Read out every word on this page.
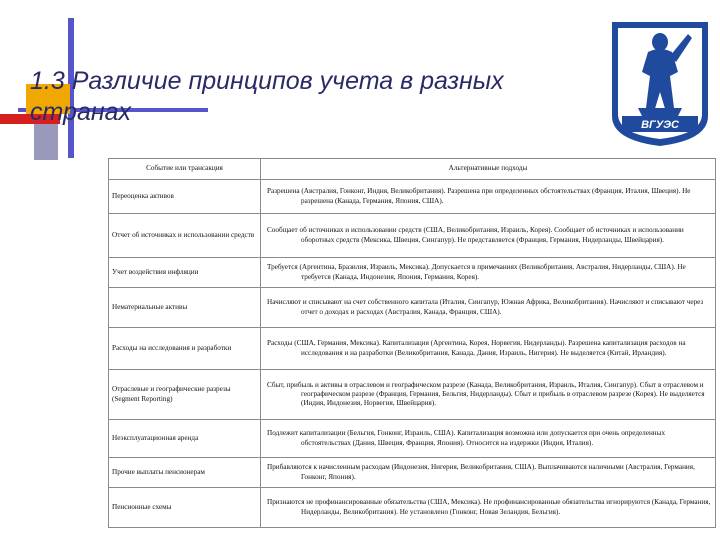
1.3 Различие принципов учета в разных странах	ВГУЭС
Событие или трансакция	Альтернативные подходы
Переоценка активов	Разрешена (Австралия, Гонконг, Индия, Великобритания). Разрешена при определенных обстоятельствах (Франция, Италия, Швеция). Не разрешена (Канада, Германия, Япония, США).
Отчет об источниках и использовании средств	Сообщает об источниках и использовании средств (США, Великобритания, Израиль, Корея). Сообщает об источниках и использовании оборотных средств (Мексика, Швеция, Сингапур). Не представляется (Франция, Германия, Нидерланды, Швейцария).
Учет воздействия инфляции	Требуется (Аргентина, Бразилия, Израиль, Мексика). Допускается в примечаниях (Великобритания, Австралия, Нидерланды, США). Не требуется (Канада, Индонезия, Япония, Германия, Корея).
Нематериальные активы	Начисляют и списывают на счет собственного капитала (Италия, Сингапур, Южная Африка, Великобритания). Начисляют и списывают через отчет о доходах и расходах (Австралия, Канада, Франция, США).
Расходы на исследования и разработки	Расходы (США, Германия, Мексика). Капитализация (Аргентина, Корея, Норвегия, Нидерланды). Разрешена капитализация расходов на исследования и на разработки (Великобритания, Канада, Дания, Израиль, Нигерия). Не выделяется (Китай, Ирландия).
Отраслевые и географические разрезы (Segment Reporting)	Сбыт, прибыль и активы в отраслевом и географическом разрезе (Канада, Великобритания, Израиль, Италия, Сингапур). Сбыт в отраслевом и географическом разрезе (Франция, Германия, Бельгия, Нидерланды). Сбыт и прибыль в отраслевом разрезе (Корея). Не выделяется (Индия, Индонезия, Норвегия, Швейцария).
Неэксплуатационная аренда	Подлежит капитализации (Бельгия, Гонконг, Израиль, США). Капитализация возможна или допускается при очень определенных обстоятельствах (Дания, Швеция, Франция, Япония). Относится на издержки (Индия, Италия).
Прочие выплаты пенсионерам	Прибавляются к начисленным расходам (Индонезия, Нигерия, Великобритания, США). Выплачиваются наличными (Австралия, Германия, Гонконг, Япония).
Пенсионные схемы	Признаются не профинансированные обязательства (США, Мексика). Не профинансированные обязательства игнорируются (Канада, Германия, Нидерланды, Великобритания). Не установлено (Гонконг, Новая Зеландия, Бельгия).
